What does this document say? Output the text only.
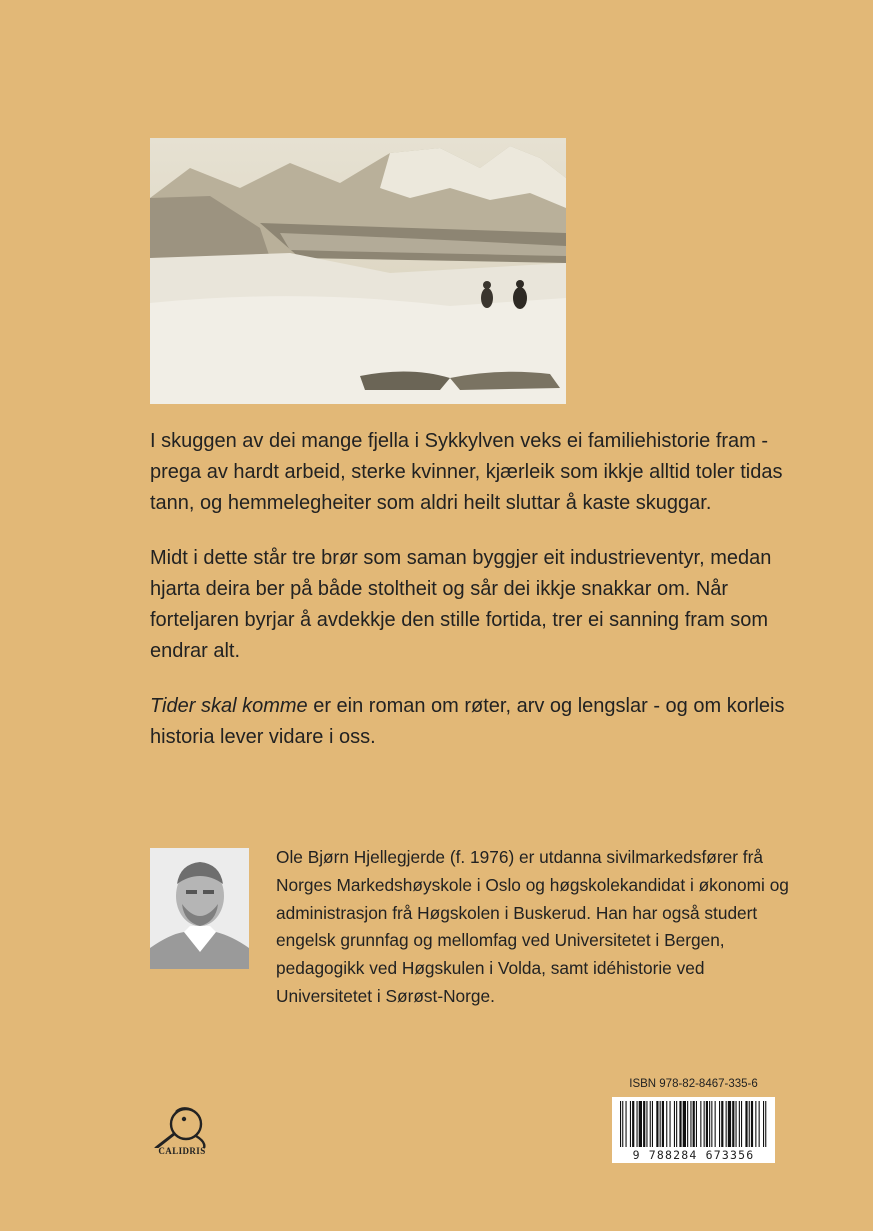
I skuggen av dei mange fjella i Sykkylven veks ei familiehistorie fram - prega av hardt arbeid, sterke kvinner, kjærleik som ikkje alltid toler tidas tann, og hemmelegheiter som aldri heilt sluttar å kaste skuggar.

Midt i dette står tre brør som saman byggjer eit industrieventyr, medan hjarta deira ber på både stoltheit og sår dei ikkje snakkar om. Når forteljaren byrjar å avdekkje den stille fortida, trer ei sanning fram som endrar alt.

Tider skal komme er ein roman om røter, arv og lengslar - og om korleis historia lever vidare i oss.

Ole Bjørn Hjellegjerde (f. 1976) er utdanna sivilmarkedsfører frå Norges Markedshøyskole i Oslo og høgskolekandidat i økonomi og administrasjon frå Høgskolen i Buskerud. Han har også studert engelsk grunnfag og mellomfag ved Universitetet i Bergen, pedagogikk ved Høgskulen i Volda, samt idéhistorie ved Universitetet i Sørøst-Norge.
ISBN 978-82-8467-335-6
9 788284 673356
CALIDRIS
